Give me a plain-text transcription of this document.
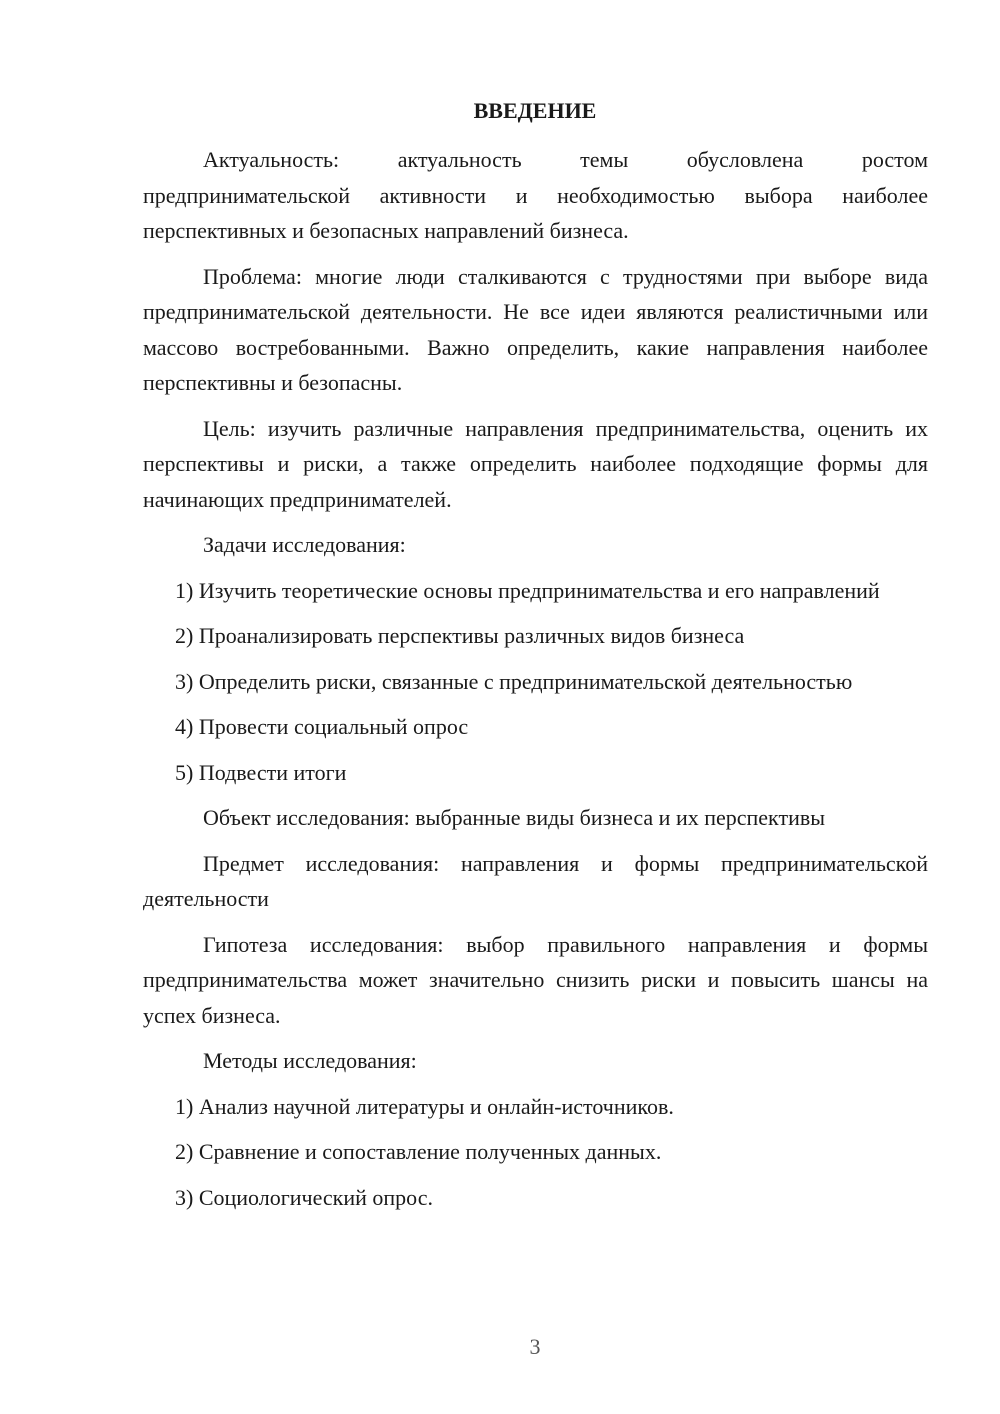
ВВЕДЕНИЕ

Актуальность: актуальность темы обусловлена ростом предпринимательской активности и необходимостью выбора наиболее перспективных и безопасных направлений бизнеса.

Проблема: многие люди сталкиваются с трудностями при выборе вида предпринимательской деятельности. Не все идеи являются реалистичными или массово востребованными. Важно определить, какие направления наиболее перспективны и безопасны.

Цель: изучить различные направления предпринимательства, оценить их перспективы и риски, а также определить наиболее подходящие формы для начинающих предпринимателей.

Задачи исследования:

1) Изучить теоретические основы предпринимательства и его направлений

2) Проанализировать перспективы различных видов бизнеса

3) Определить риски, связанные с предпринимательской деятельностью

4) Провести социальный опрос

5) Подвести итоги

Объект исследования: выбранные виды бизнеса и их перспективы

Предмет исследования: направления и формы предпринимательской деятельности

Гипотеза исследования: выбор правильного направления и формы предпринимательства может значительно снизить риски и повысить шансы на успех бизнеса.

Методы исследования:

1) Анализ научной литературы и онлайн-источников.

2) Сравнение и сопоставление полученных данных.

3) Социологический опрос.

3
